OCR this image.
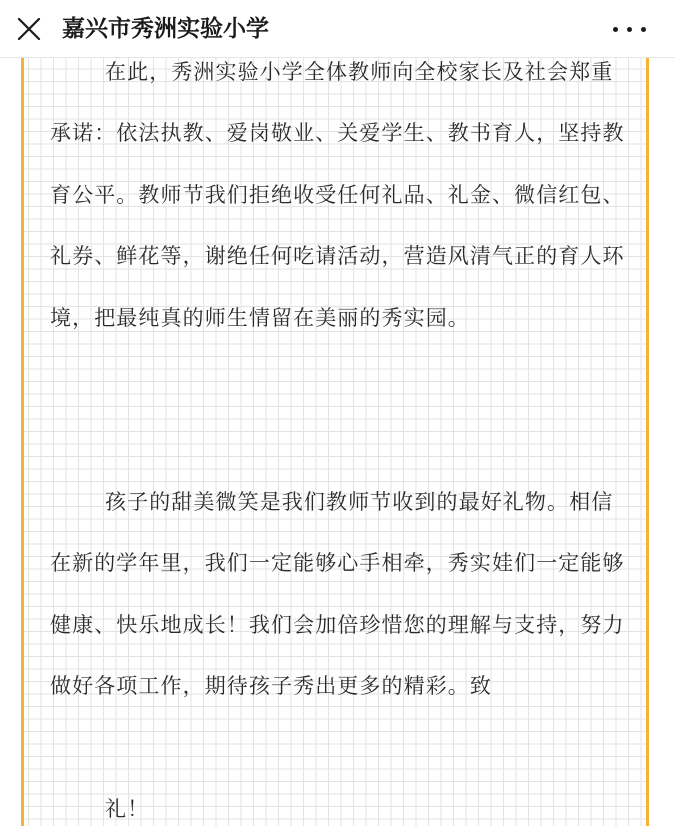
嘉兴市秀洲实验小学

在此，秀洲实验小学全体教师向全校家长及社会郑重承诺：依法执教、爱岗敬业、关爱学生、教书育人，坚持教育公平。教师节我们拒绝收受任何礼品、礼金、微信红包、礼券、鲜花等，谢绝任何吃请活动，营造风清气正的育人环境，把最纯真的师生情留在美丽的秀实园。

孩子的甜美微笑是我们教师节收到的最好礼物。相信在新的学年里，我们一定能够心手相牵，秀实娃们一定能够健康、快乐地成长！我们会加倍珍惜您的理解与支持，努力做好各项工作，期待孩子秀出更多的精彩。致

礼！
